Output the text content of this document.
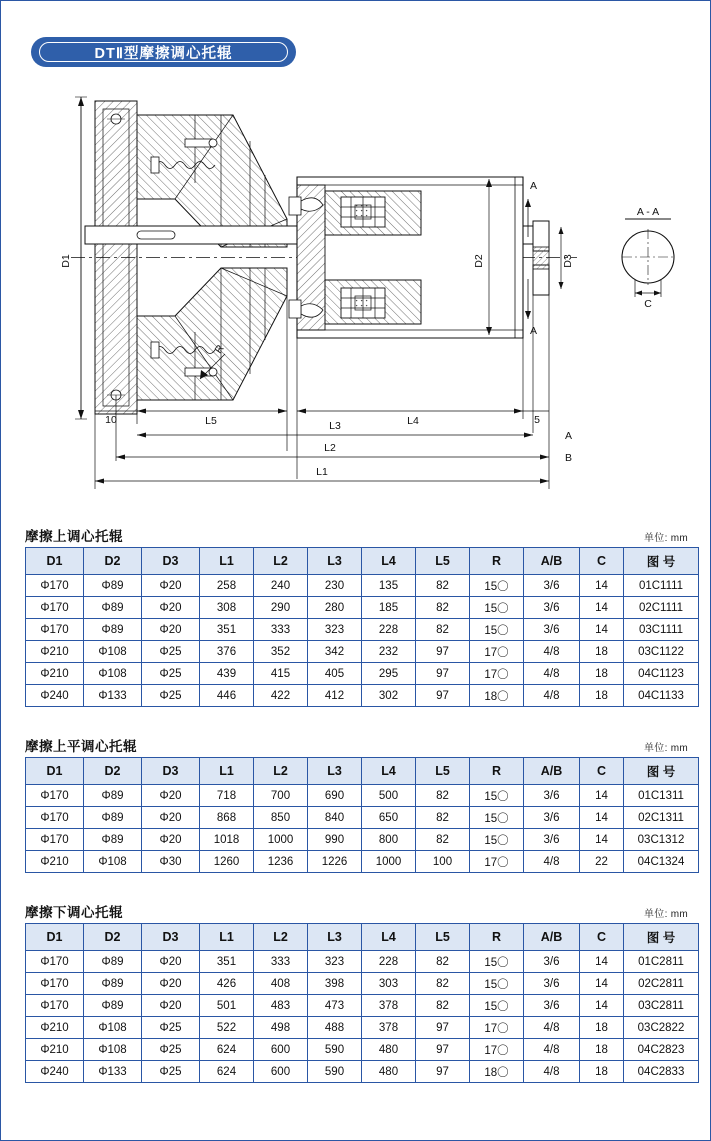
DTⅡ型摩擦调心托辊
D1	D2	D3
A
A
A
B
R
10	5
L5	L4
L3
L2
L1
A - A
C
摩擦上调心托辊	单位: mm
D1	D2	D3	L1	L2	L3	L4	L5	R	A/B	C	图 号
Φ170	Φ89	Φ20	258	240	230	135	82	15〇	3/6	14	01C1111
Φ170	Φ89	Φ20	308	290	280	185	82	15〇	3/6	14	02C1111
Φ170	Φ89	Φ20	351	333	323	228	82	15〇	3/6	14	03C1111
Φ210	Φ108	Φ25	376	352	342	232	97	17〇	4/8	18	03C1122
Φ210	Φ108	Φ25	439	415	405	295	97	17〇	4/8	18	04C1123
Φ240	Φ133	Φ25	446	422	412	302	97	18〇	4/8	18	04C1133
摩擦上平调心托辊	单位: mm
D1	D2	D3	L1	L2	L3	L4	L5	R	A/B	C	图 号
Φ170	Φ89	Φ20	718	700	690	500	82	15〇	3/6	14	01C1311
Φ170	Φ89	Φ20	868	850	840	650	82	15〇	3/6	14	02C1311
Φ170	Φ89	Φ20	1018	1000	990	800	82	15〇	3/6	14	03C1312
Φ210	Φ108	Φ30	1260	1236	1226	1000	100	17〇	4/8	22	04C1324
摩擦下调心托辊	单位: mm
D1	D2	D3	L1	L2	L3	L4	L5	R	A/B	C	图 号
Φ170	Φ89	Φ20	351	333	323	228	82	15〇	3/6	14	01C2811
Φ170	Φ89	Φ20	426	408	398	303	82	15〇	3/6	14	02C2811
Φ170	Φ89	Φ20	501	483	473	378	82	15〇	3/6	14	03C2811
Φ210	Φ108	Φ25	522	498	488	378	97	17〇	4/8	18	03C2822
Φ210	Φ108	Φ25	624	600	590	480	97	17〇	4/8	18	04C2823
Φ240	Φ133	Φ25	624	600	590	480	97	18〇	4/8	18	04C2833
